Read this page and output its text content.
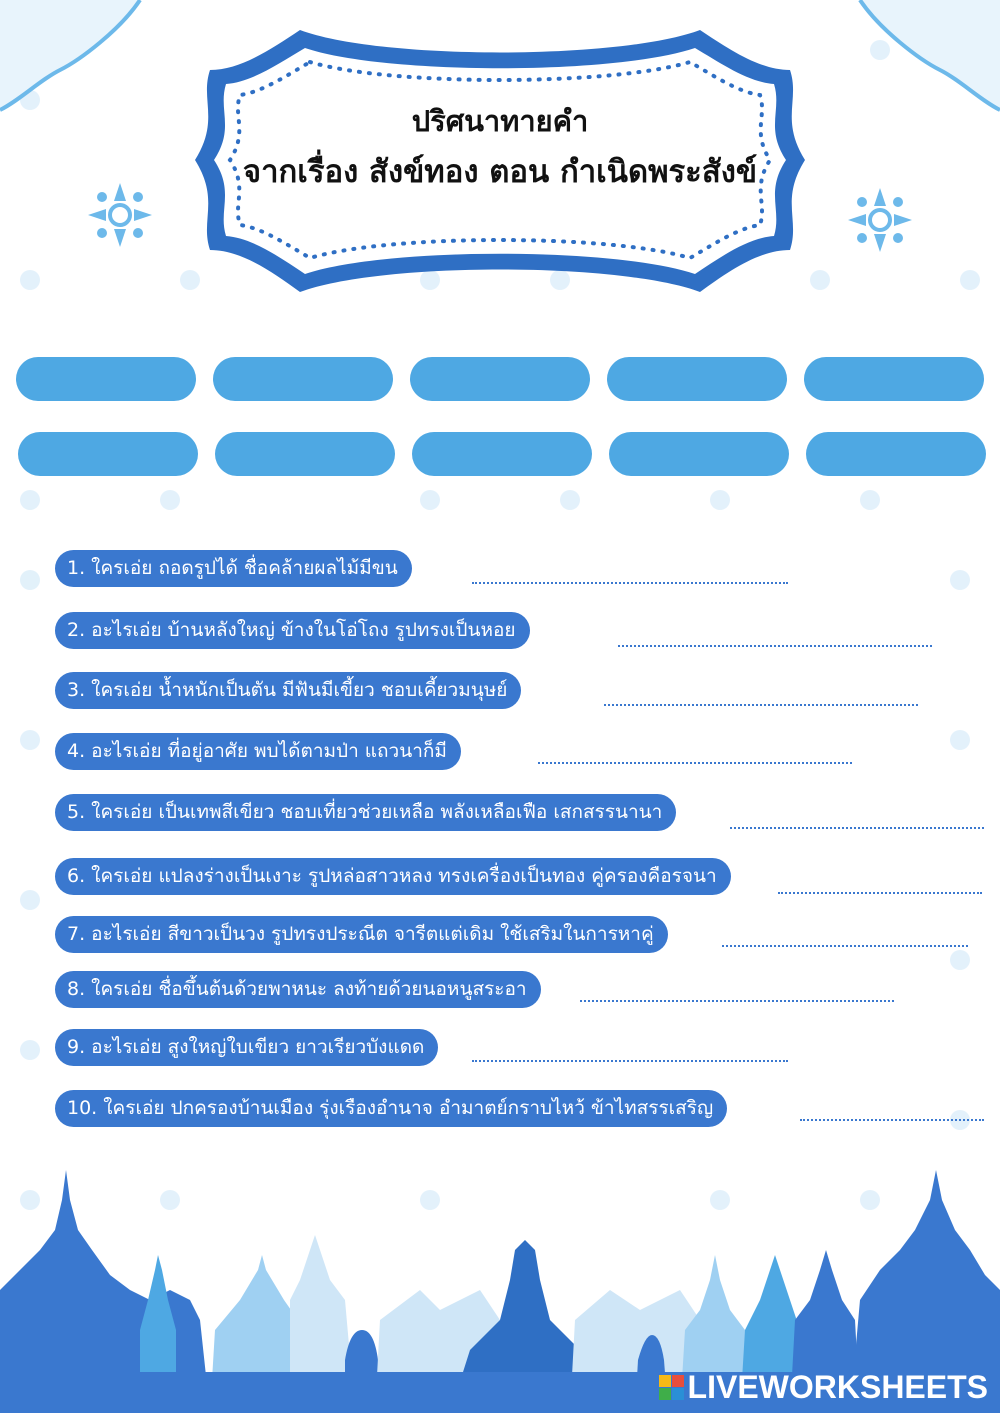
ปริศนาทายคำ
จากเรื่อง สังข์ทอง ตอน กำเนิดพระสังข์
1. ใครเอ่ย ถอดรูปได้ ชื่อคล้ายผลไม้มีขน
2. อะไรเอ่ย บ้านหลังใหญ่ ข้างในโอ่โถง รูปทรงเป็นหอย
3. ใครเอ่ย น้ำหนักเป็นตัน มีฟันมีเขี้ยว ชอบเคี้ยวมนุษย์
4. อะไรเอ่ย ที่อยู่อาศัย พบได้ตามป่า แถวนาก็มี
5. ใครเอ่ย เป็นเทพสีเขียว ชอบเที่ยวช่วยเหลือ พลังเหลือเฟือ เสกสรรนานา
6. ใครเอ่ย แปลงร่างเป็นเงาะ รูปหล่อสาวหลง ทรงเครื่องเป็นทอง คู่ครองคือรจนา
7. อะไรเอ่ย สีขาวเป็นวง รูปทรงประณีต จารีตแต่เดิม ใช้เสริมในการหาคู่
8. ใครเอ่ย ชื่อขึ้นต้นด้วยพาหนะ ลงท้ายด้วยนอหนูสระอา
9. อะไรเอ่ย สูงใหญ่ใบเขียว ยาวเรียวบังแดด
10. ใครเอ่ย ปกครองบ้านเมือง รุ่งเรืองอำนาจ อำมาตย์กราบไหว้ ข้าไทสรรเสริญ
LIVEWORKSHEETS
